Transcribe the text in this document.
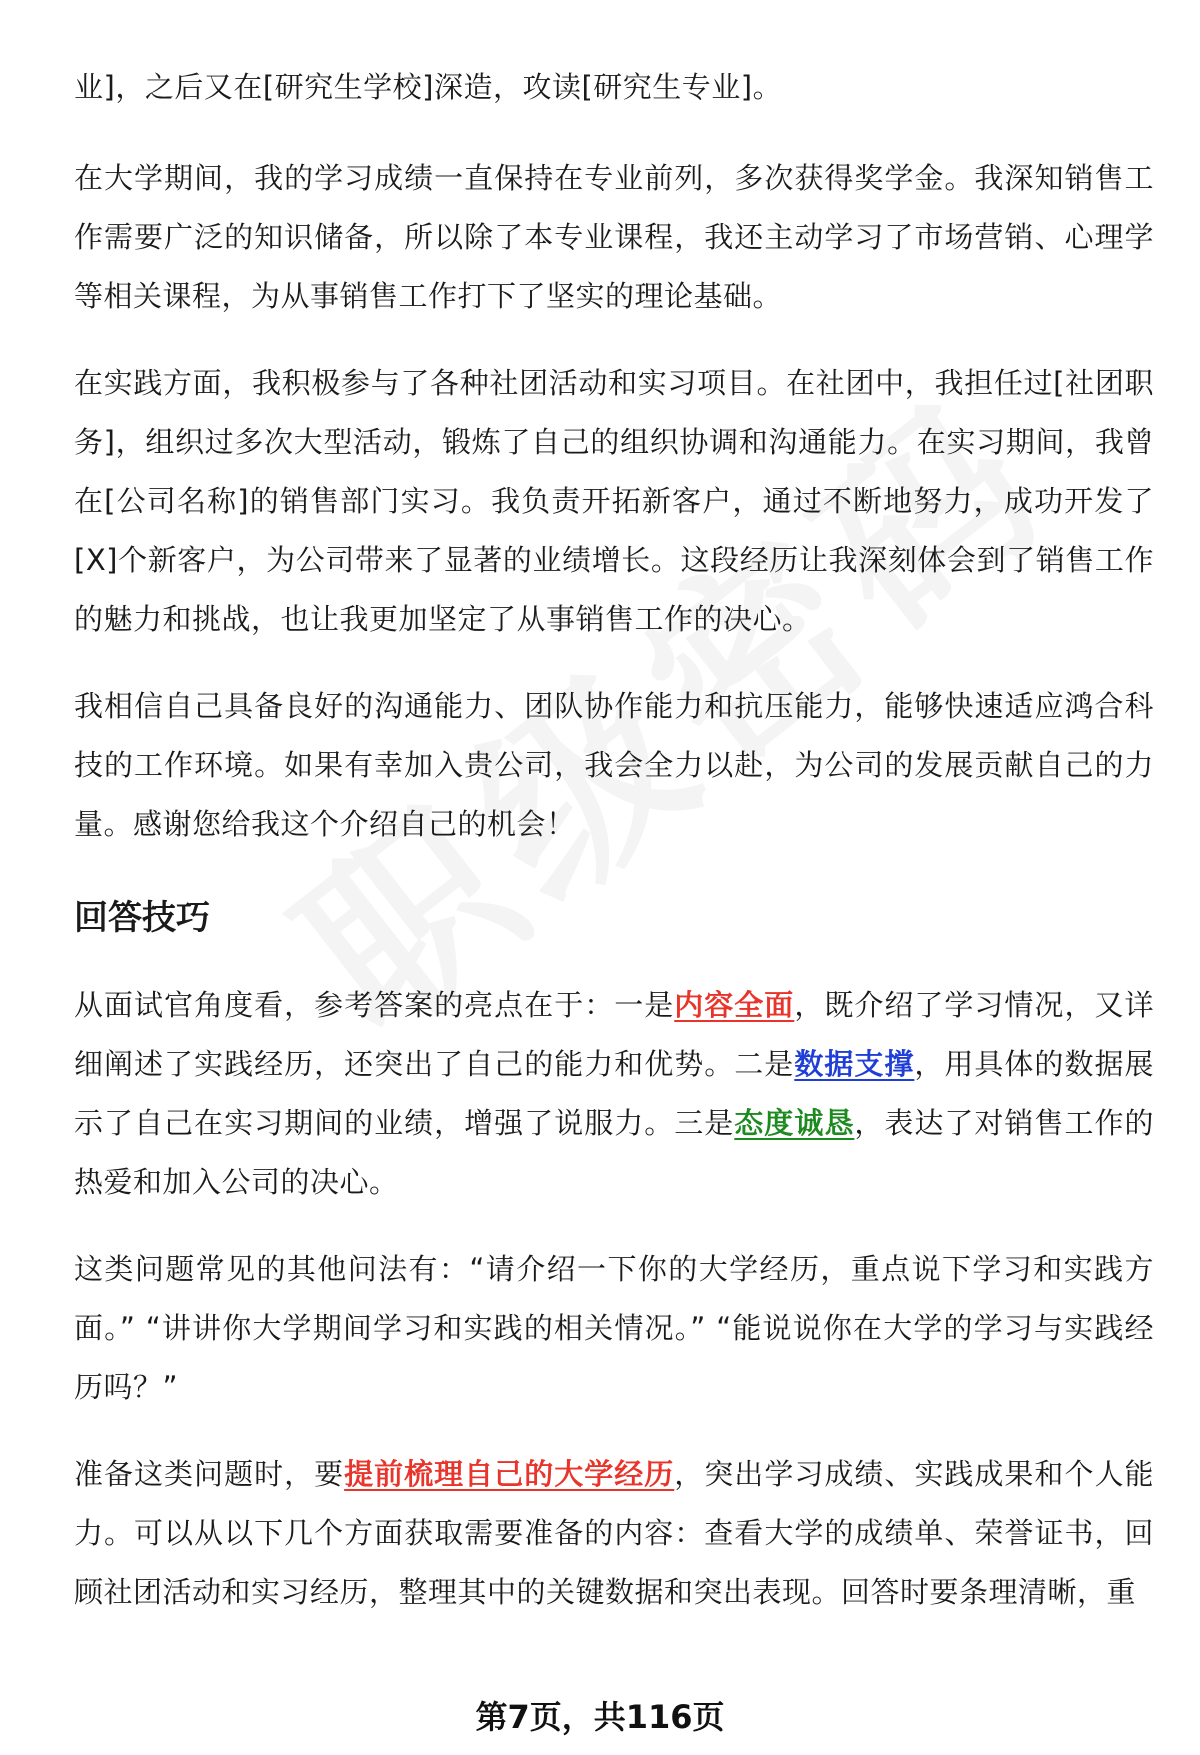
业]，之后又在[研究生学校]深造，攻读[研究生专业]。

在大学期间，我的学习成绩一直保持在专业前列，多次获得奖学金。我深知销售工作需要广泛的知识储备，所以除了本专业课程，我还主动学习了市场营销、心理学等相关课程，为从事销售工作打下了坚实的理论基础。

在实践方面，我积极参与了各种社团活动和实习项目。在社团中，我担任过[社团职务]，组织过多次大型活动，锻炼了自己的组织协调和沟通能力。在实习期间，我曾在[公司名称]的销售部门实习。我负责开拓新客户，通过不断地努力，成功开发了[X]个新客户，为公司带来了显著的业绩增长。这段经历让我深刻体会到了销售工作的魅力和挑战，也让我更加坚定了从事销售工作的决心。

我相信自己具备良好的沟通能力、团队协作能力和抗压能力，能够快速适应鸿合科技的工作环境。如果有幸加入贵公司，我会全力以赴，为公司的发展贡献自己的力量。感谢您给我这个介绍自己的机会！

回答技巧

从面试官角度看，参考答案的亮点在于：一是内容全面，既介绍了学习情况，又详细阐述了实践经历，还突出了自己的能力和优势。二是数据支撑，用具体的数据展示了自己在实习期间的业绩，增强了说服力。三是态度诚恳，表达了对销售工作的热爱和加入公司的决心。

这类问题常见的其他问法有：“请介绍一下你的大学经历，重点说下学习和实践方面。” “讲讲你大学期间学习和实践的相关情况。” “能说说你在大学的学习与实践经历吗？”

准备这类问题时，要提前梳理自己的大学经历，突出学习成绩、实践成果和个人能力。可以从以下几个方面获取需要准备的内容：查看大学的成绩单、荣誉证书，回顾社团活动和实习经历，整理其中的关键数据和突出表现。回答时要条理清晰，重

第7页，共116页
